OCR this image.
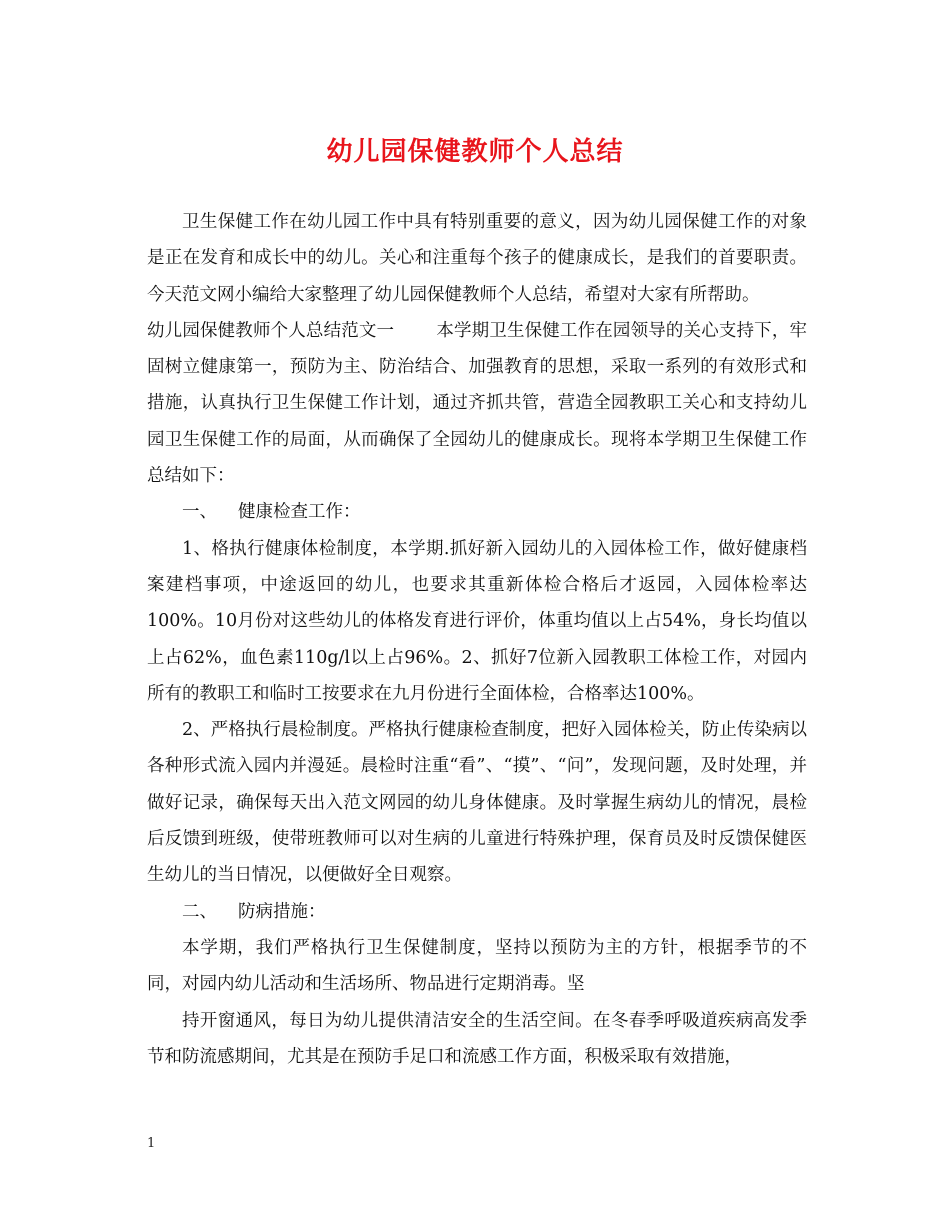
幼儿园保健教师个人总结

卫生保健工作在幼儿园工作中具有特别重要的意义，因为幼儿园保健工作的对象是正在发育和成长中的幼儿。关心和注重每个孩子的健康成长，是我们的首要职责。今天范文网小编给大家整理了幼儿园保健教师个人总结，希望对大家有所帮助。

幼儿园保健教师个人总结范文一 本学期卫生保健工作在园领导的关心支持下，牢固树立健康第一，预防为主、防治结合、加强教育的思想，采取一系列的有效形式和措施，认真执行卫生保健工作计划，通过齐抓共管，营造全园教职工关心和支持幼儿园卫生保健工作的局面，从而确保了全园幼儿的健康成长。现将本学期卫生保健工作总结如下：

一、 健康检查工作：

1、格执行健康体检制度，本学期.抓好新入园幼儿的入园体检工作，做好健康档案建档事项，中途返回的幼儿，也要求其重新体检合格后才返园，入园体检率达100%。10月份对这些幼儿的体格发育进行评价，体重均值以上占54%，身长均值以上占62%，血色素110g/l以上占96%。2、抓好7位新入园教职工体检工作，对园内所有的教职工和临时工按要求在九月份进行全面体检，合格率达100%。

2、严格执行晨检制度。严格执行健康检查制度，把好入园体检关，防止传染病以各种形式流入园内并漫延。晨检时注重“看”、“摸”、“问”，发现问题，及时处理，并做好记录，确保每天出入范文网园的幼儿身体健康。及时掌握生病幼儿的情况，晨检后反馈到班级，使带班教师可以对生病的儿童进行特殊护理，保育员及时反馈保健医生幼儿的当日情况，以便做好全日观察。

二、 防病措施：

本学期，我们严格执行卫生保健制度，坚持以预防为主的方针，根据季节的不同，对园内幼儿活动和生活场所、物品进行定期消毒。坚

持开窗通风，每日为幼儿提供清洁安全的生活空间。在冬春季呼吸道疾病高发季节和防流感期间，尤其是在预防手足口和流感工作方面，积极采取有效措施，

1
